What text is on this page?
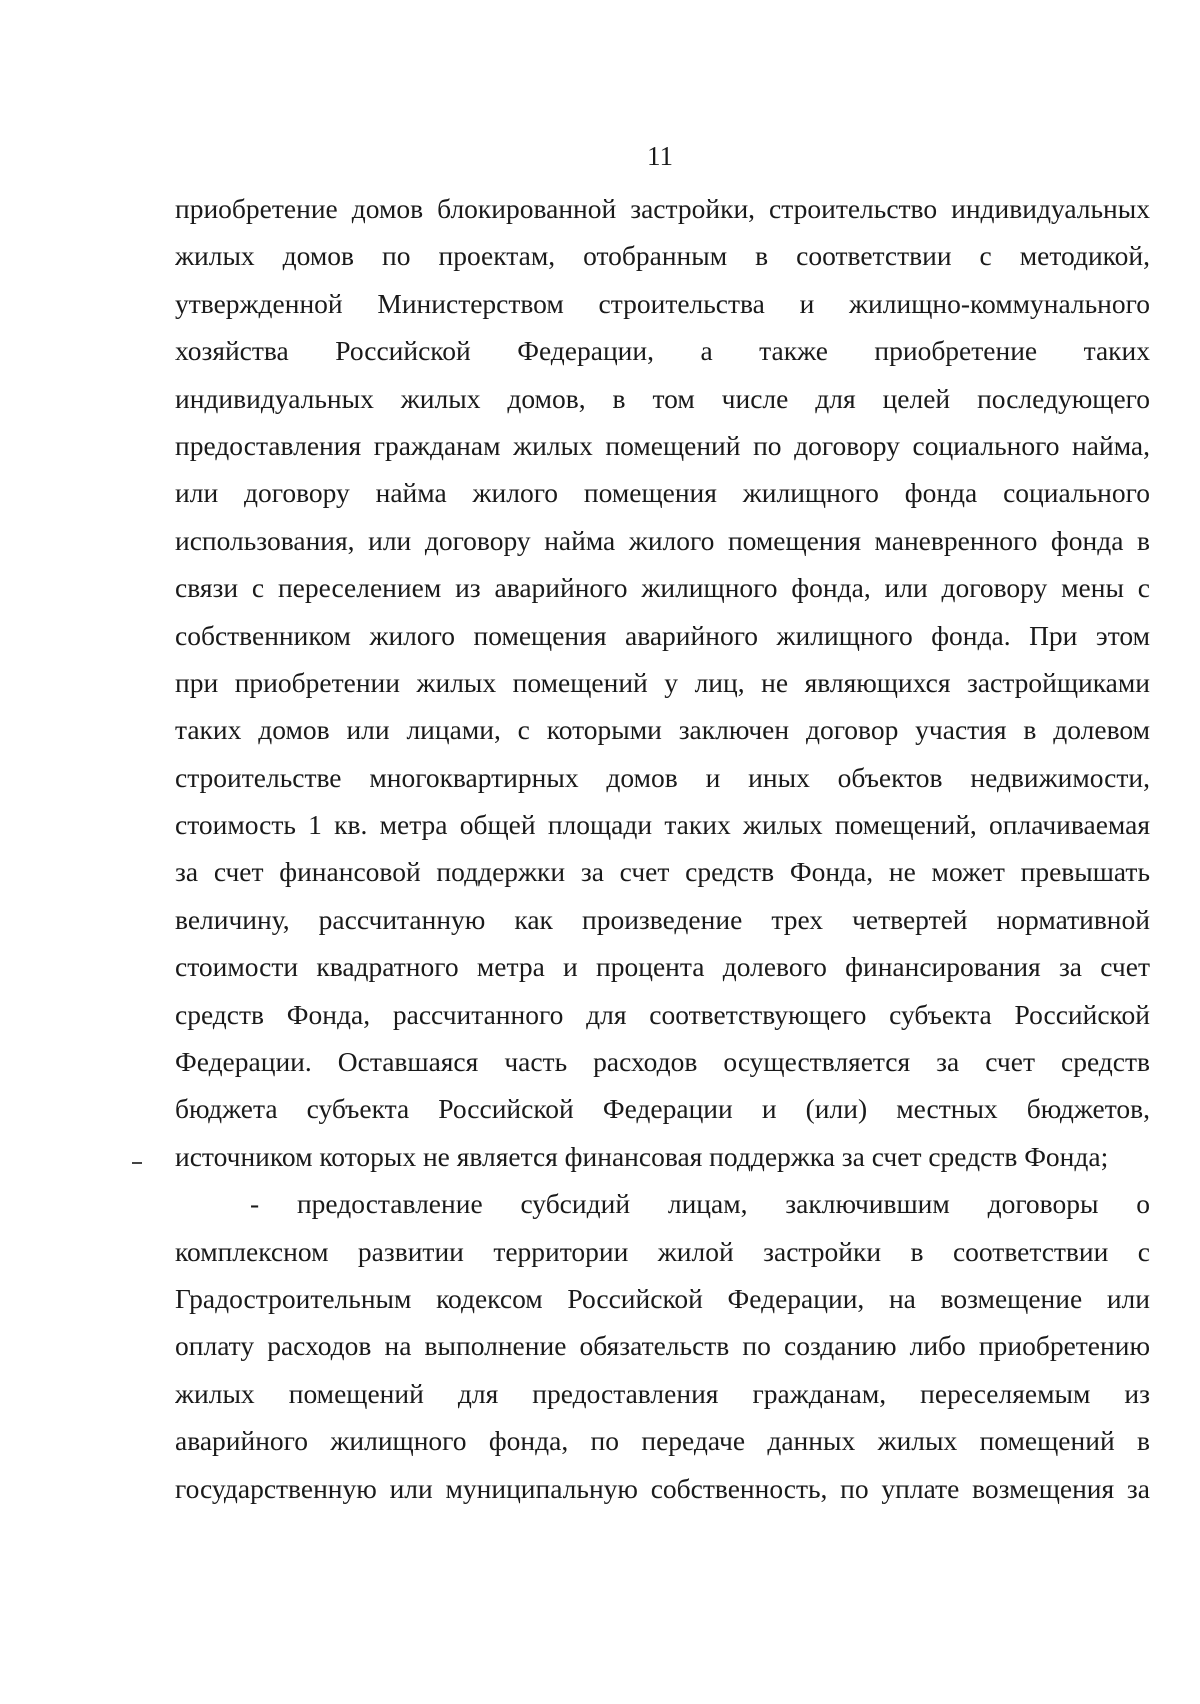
11
приобретение домов блокированной застройки, строительство индивидуальных
жилых домов по проектам, отобранным в соответствии с методикой,
утвержденной Министерством строительства и жилищно-коммунального
хозяйства Российской Федерации, а также приобретение таких
индивидуальных жилых домов, в том числе для целей последующего
предоставления гражданам жилых помещений по договору социального найма,
или договору найма жилого помещения жилищного фонда социального
использования, или договору найма жилого помещения маневренного фонда в
связи с переселением из аварийного жилищного фонда, или договору мены с
собственником жилого помещения аварийного жилищного фонда. При этом
при приобретении жилых помещений у лиц, не являющихся застройщиками
таких домов или лицами, с которыми заключен договор участия в долевом
строительстве многоквартирных домов и иных объектов недвижимости,
стоимость 1 кв. метра общей площади таких жилых помещений, оплачиваемая
за счет финансовой поддержки за счет средств Фонда, не может превышать
величину, рассчитанную как произведение трех четвертей нормативной
стоимости квадратного метра и процента долевого финансирования за счет
средств Фонда, рассчитанного для соответствующего субъекта Российской
Федерации. Оставшаяся часть расходов осуществляется за счет средств
бюджета субъекта Российской Федерации и (или) местных бюджетов,
источником которых не является финансовая поддержка за счет средств Фонда;
- предоставление субсидий лицам, заключившим договоры о
комплексном развитии территории жилой застройки в соответствии с
Градостроительным кодексом Российской Федерации, на возмещение или
оплату расходов на выполнение обязательств по созданию либо приобретению
жилых помещений для предоставления гражданам, переселяемым из
аварийного жилищного фонда, по передаче данных жилых помещений в
государственную или муниципальную собственность, по уплате возмещения за
